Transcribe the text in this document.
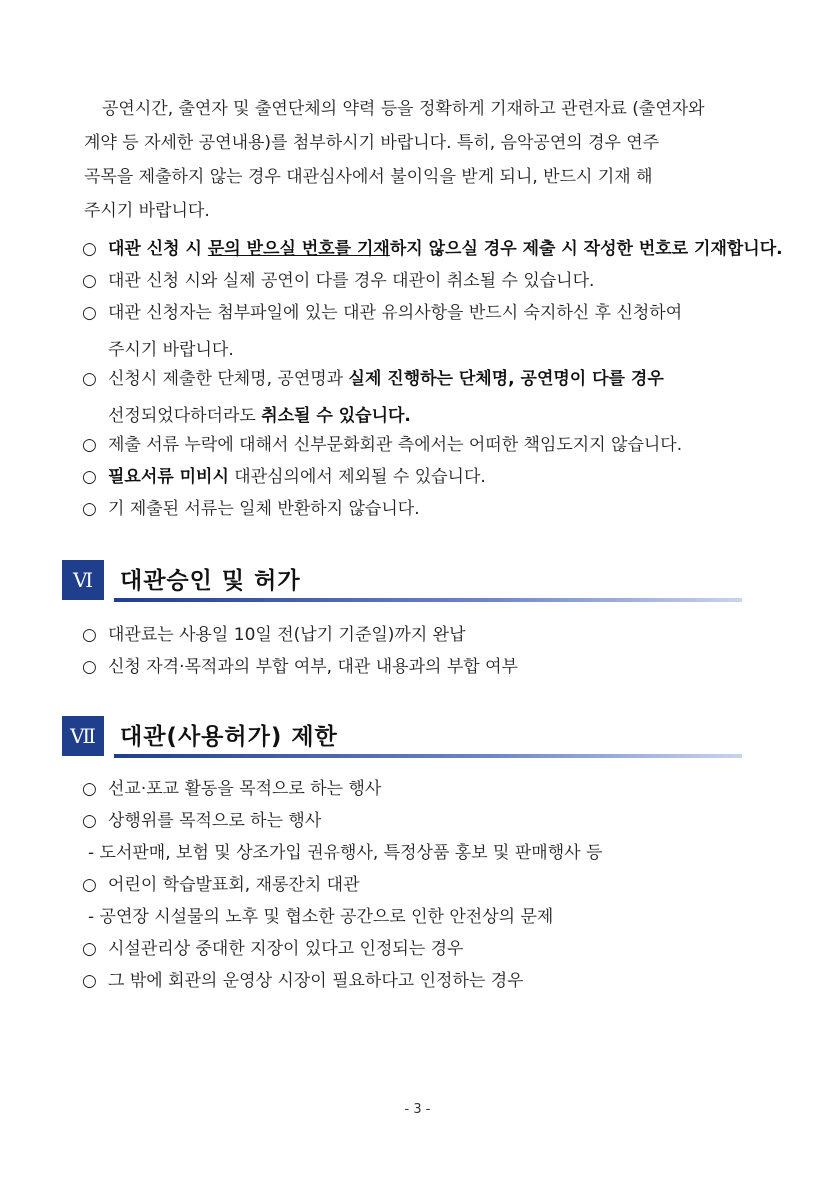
공연시간, 출연자 및 출연단체의 약력 등을 정확하게 기재하고 관련자료 (출연자와
계약 등 자세한 공연내용)를 첨부하시기 바랍니다. 특히, 음악공연의 경우 연주
곡목을 제출하지 않는 경우 대관심사에서 불이익을 받게 되니, 반드시 기재 해
주시기 바랍니다.
○ 대관 신청 시 문의 받으실 번호를 기재하지 않으실 경우 제출 시 작성한 번호로 기재합니다.
○ 대관 신청 시와 실제 공연이 다를 경우 대관이 취소될 수 있습니다.
○ 대관 신청자는 첨부파일에 있는 대관 유의사항을 반드시 숙지하신 후 신청하여
주시기 바랍니다.
○ 신청시 제출한 단체명, 공연명과 실제 진행하는 단체명, 공연명이 다를 경우
선정되었다하더라도 취소될 수 있습니다.
○ 제출 서류 누락에 대해서 신부문화회관 측에서는 어떠한 책임도지지 않습니다.
○ 필요서류 미비시 대관심의에서 제외될 수 있습니다.
○ 기 제출된 서류는 일체 반환하지 않습니다.
Ⅵ	대관승인 및 허가
○ 대관료는 사용일 10일 전(납기 기준일)까지 완납
○ 신청 자격·목적과의 부합 여부, 대관 내용과의 부합 여부
Ⅶ	대관(사용허가) 제한
○ 선교·포교 활동을 목적으로 하는 행사
○ 상행위를 목적으로 하는 행사
- 도서판매, 보험 및 상조가입 권유행사, 특정상품 홍보 및 판매행사 등
○ 어린이 학습발표회, 재롱잔치 대관
- 공연장 시설물의 노후 및 협소한 공간으로 인한 안전상의 문제
○ 시설관리상 중대한 지장이 있다고 인정되는 경우
○ 그 밖에 회관의 운영상 시장이 필요하다고 인정하는 경우
- 3 -
